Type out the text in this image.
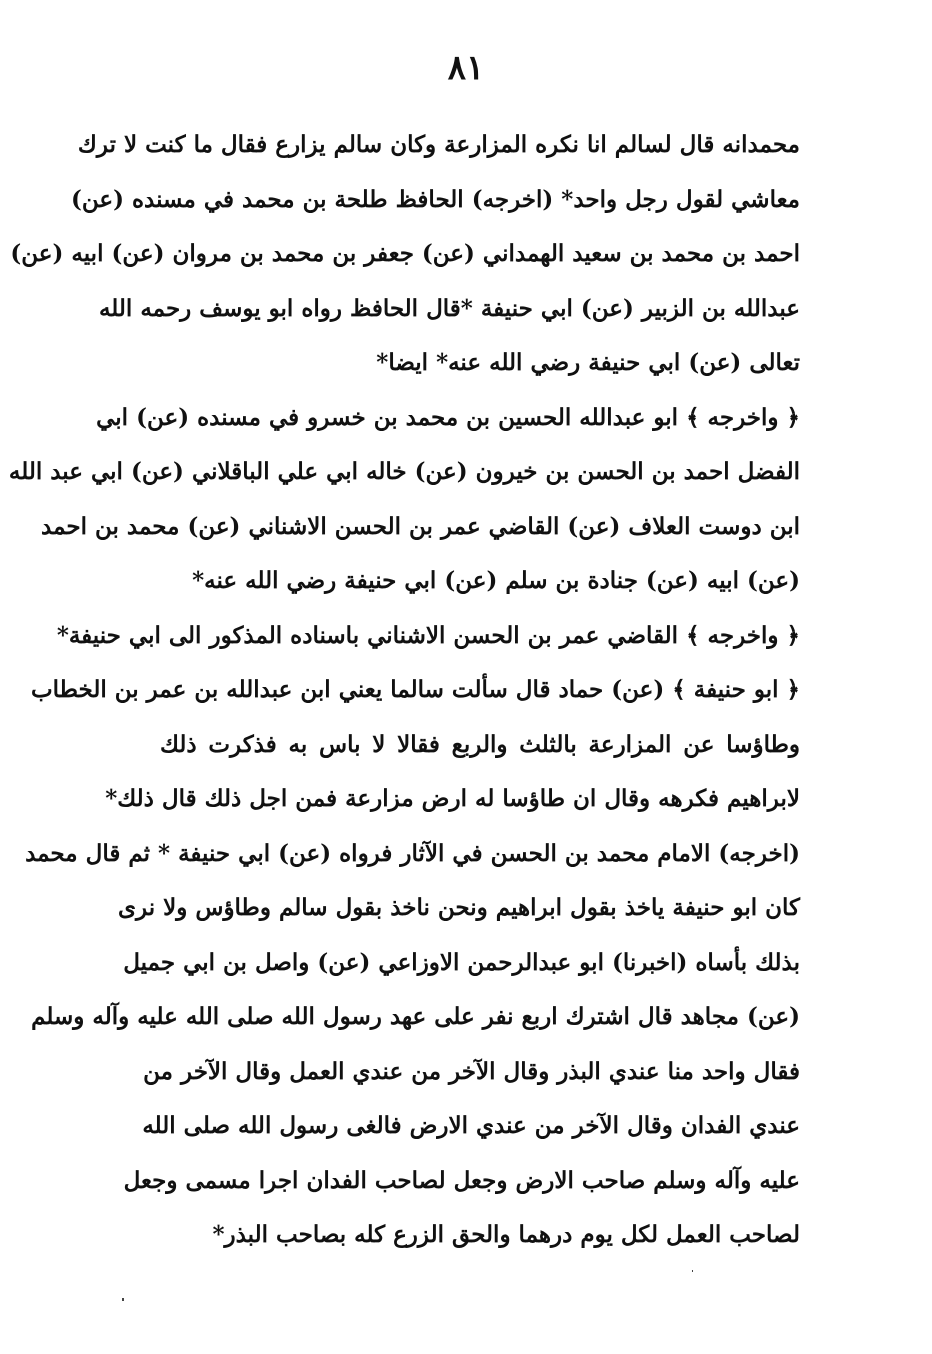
٨١
محمدانه قال لسالم انا نكره المزارعة وكان سالم يزارع فقال ما كنت لا ترك
معاشي لقول رجل واحد* (اخرجه) الحافظ طلحة بن محمد في مسنده (عن)
احمد بن محمد بن سعيد الهمداني (عن) جعفر بن محمد بن مروان (عن) ابيه (عن)
عبدالله بن الزبير (عن) ابي حنيفة *قال الحافظ رواه ابو يوسف رحمه الله
تعالى (عن) ابي حنيفة رضي الله عنه* ايضا*
﴿ واخرجه ﴾ ابو عبدالله الحسين بن محمد بن خسرو في مسنده (عن) ابي
الفضل احمد بن الحسن بن خيرون (عن) خاله ابي علي الباقلاني (عن) ابي عبد الله
ابن دوست العلاف (عن) القاضي عمر بن الحسن الاشناني (عن) محمد بن احمد
(عن) ابيه (عن) جنادة بن سلم (عن) ابي حنيفة رضي الله عنه*
﴿ واخرجه ﴾ القاضي عمر بن الحسن الاشناني باسناده المذكور الى ابي حنيفة*
﴿ ابو حنيفة ﴾ (عن) حماد قال سألت سالما يعني ابن عبدالله بن عمر بن الخطاب
وطاؤسا عن المزارعة بالثلث والربع فقالا لا باس به فذكرت ذلك
لابراهيم فكرهه وقال ان طاؤسا له ارض مزارعة فمن اجل ذلك قال ذلك*
(اخرجه) الامام محمد بن الحسن في الآثار فرواه (عن) ابي حنيفة * ثم قال محمد
كان ابو حنيفة ياخذ بقول ابراهيم ونحن ناخذ بقول سالم وطاؤس ولا نرى
بذلك بأساه (اخبرنا) ابو عبدالرحمن الاوزاعي (عن) واصل بن ابي جميل
(عن) مجاهد قال اشترك اربع نفر على عهد رسول الله صلى الله عليه وآله وسلم
فقال واحد منا عندي البذر وقال الآخر من عندي العمل وقال الآخر من
عندي الفدان وقال الآخر من عندي الارض فالغى رسول الله صلى الله
عليه وآله وسلم صاحب الارض وجعل لصاحب الفدان اجرا مسمى وجعل
لصاحب العمل لكل يوم درهما والحق الزرع كله بصاحب البذر*
